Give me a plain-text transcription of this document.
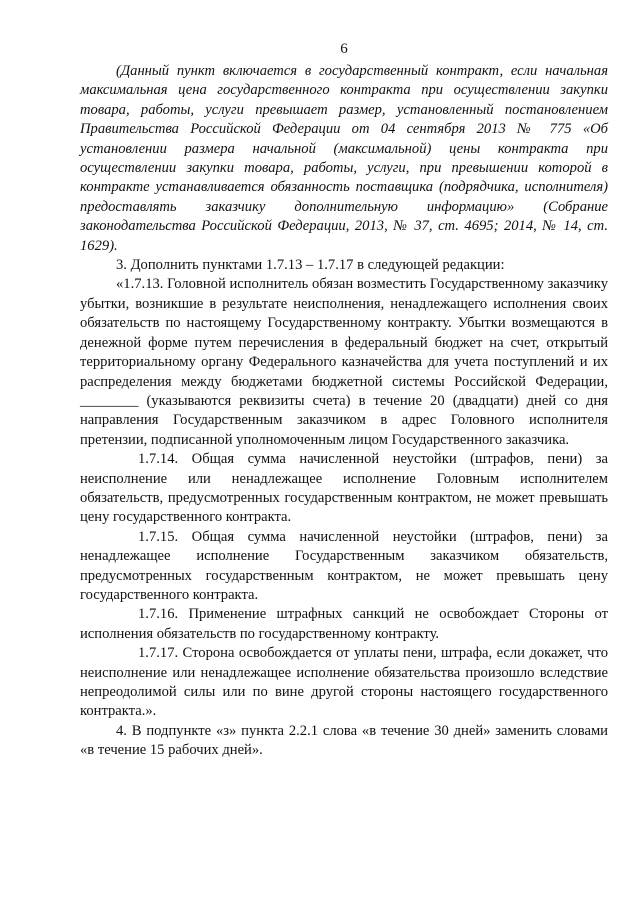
6

(Данный пункт включается в государственный контракт, если начальная максимальная цена государственного контракта при осуществлении закупки товара, работы, услуги превышает размер, установленный постановлением Правительства Российской Федерации от 04 сентября 2013 № 775 «Об установлении размера начальной (максимальной) цены контракта при осуществлении закупки товара, работы, услуги, при превышении которой в контракте устанавливается обязанность поставщика (подрядчика, исполнителя) предоставлять заказчику дополнительную информацию» (Собрание законодательства Российской Федерации, 2013, № 37, ст. 4695; 2014, № 14, ст. 1629).

3. Дополнить пунктами 1.7.13 – 1.7.17 в следующей редакции:

«1.7.13. Головной исполнитель обязан возместить Государственному заказчику убытки, возникшие в результате неисполнения, ненадлежащего исполнения своих обязательств по настоящему Государственному контракту. Убытки возмещаются в денежной форме путем перечисления в федеральный бюджет на счет, открытый территориальному органу Федерального казначейства для учета поступлений и их распределения между бюджетами бюджетной системы Российской Федерации, ________ (указываются реквизиты счета) в течение 20 (двадцати) дней со дня направления Государственным заказчиком в адрес Головного исполнителя претензии, подписанной уполномоченным лицом Государственного заказчика.

1.7.14. Общая сумма начисленной неустойки (штрафов, пени) за неисполнение или ненадлежащее исполнение Головным исполнителем обязательств, предусмотренных государственным контрактом, не может превышать цену государственного контракта.

1.7.15. Общая сумма начисленной неустойки (штрафов, пени) за ненадлежащее исполнение Государственным заказчиком обязательств, предусмотренных государственным контрактом, не может превышать цену государственного контракта.

1.7.16. Применение штрафных санкций не освобождает Стороны от исполнения обязательств по государственному контракту.

1.7.17. Сторона освобождается от уплаты пени, штрафа, если докажет, что неисполнение или ненадлежащее исполнение обязательства произошло вследствие непреодолимой силы или по вине другой стороны настоящего государственного контракта.».

4. В подпункте «з» пункта 2.2.1 слова «в течение 30 дней» заменить словами «в течение 15 рабочих дней».
